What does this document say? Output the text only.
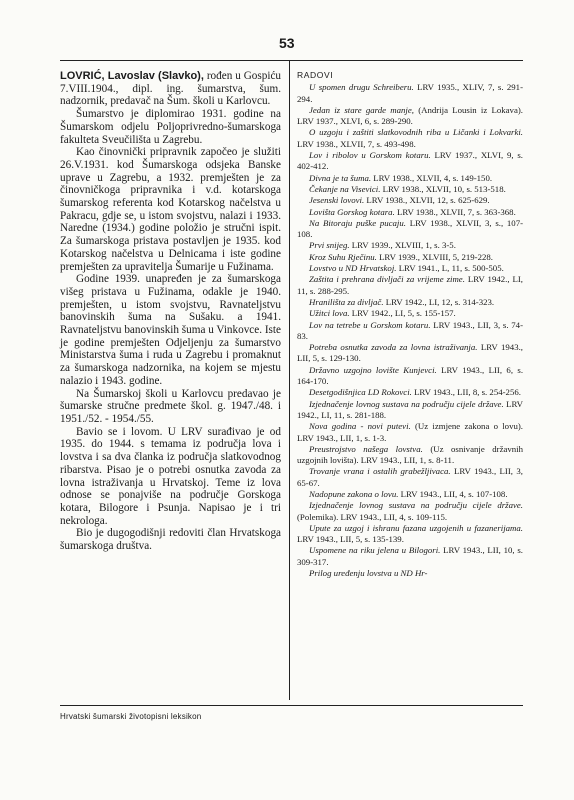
53

LOVRIĆ, Lavoslav (Slavko), rođen u Gospiću 7.VIII.1904., dipl. ing. šumarstva, šum. nadzornik, predavač na Šum. školi u Karlovcu.

Šumarstvo je diplomirao 1931. godine na Šumarskom odjelu Poljoprivredno-šumarskoga fakulteta Sveučilišta u Zagrebu.

Kao činovnički pripravnik započeo je služiti 26.V.1931. kod Šumarskoga odsjeka Banske uprave u Zagrebu, a 1932. premješten je za činovničkoga pripravnika i v.d. kotarskoga šumarskog referenta kod Kotarskog načelstva u Pakracu, gdje se, u istom svojstvu, nalazi i 1933. Naredne (1934.) godine položio je stručni ispit. Za šumarskoga pristava postavljen je 1935. kod Kotarskog načelstva u Delnicama i iste godine premješten za upravitelja Šumarije u Fužinama.

Godine 1939. unapređen je za šumarskoga višeg pristava u Fužinama, odakle je 1940. premješten, u istom svojstvu, Ravnateljstvu banovinskih šuma na Sušaku. a 1941. Ravnateljstvu banovinskih šuma u Vinkovce. Iste je godine premješten Odjeljenju za šumarstvo Ministarstva šuma i ruda u Zagrebu i promaknut za šumarskoga nadzornika, na kojem se mjestu nalazio i 1943. godine.

Na Šumarskoj školi u Karlovcu predavao je šumarske stručne predmete škol. g. 1947./48. i 1951./52. - 1954./55.

Bavio se i lovom. U LRV surađivao je od 1935. do 1944. s temama iz područja lova i lovstva i sa dva članka iz područja slatkovodnog ribarstva. Pisao je o potrebi osnutka zavoda za lovna istraživanja u Hrvatskoj. Teme iz lova odnose se ponajviše na područje Gorskoga kotara, Bilogore i Psunja. Napisao je i tri nekrologa.

Bio je dugogodišnji redoviti član Hrvatskoga šumarskoga društva.

RADOVI

U spomen drugu Schreiberu. LRV 1935., XLIV, 7, s. 291-294.

Jedan iz stare garde manje, (Andrija Lousin iz Lokava). LRV 1937., XLVI, 6, s. 289-290.

O uzgoju i zaštiti slatkovodnih riba u Ličanki i Lokvarki. LRV 1938., XLVII, 7, s. 493-498.

Lov i ribolov u Gorskom kotaru. LRV 1937., XLVI, 9, s. 402-412.

Divna je ta šuma. LRV 1938., XLVII, 4, s. 149-150.

Čekanje na Visevici. LRV 1938., XLVII, 10, s. 513-518.

Jesenski lovovi. LRV 1938., XLVII, 12, s. 625-629.

Lovišta Gorskog kotara. LRV 1938., XLVII, 7, s. 363-368.

Na Bitoraju puške pucaju. LRV 1938., XLVII, 3, s., 107-108.

Prvi snijeg. LRV 1939., XLVIII, 1, s. 3-5.

Kroz Suhu Rječinu. LRV 1939., XLVIII, 5, 219-228.

Lovstvo u ND Hrvatskoj. LRV 1941., L, 11, s. 500-505.

Zaštita i prehrana divljači za vrijeme zime. LRV 1942., LI, 11, s. 288-295.

Hranilišta za divljač. LRV 1942., LI, 12, s. 314-323.

Užitci lova. LRV 1942., LI, 5, s. 155-157.

Lov na tetrebe u Gorskom kotaru. LRV 1943., LII, 3, s. 74-83.

Potreba osnutka zavoda za lovna istraživanja. LRV 1943., LII, 5, s. 129-130.

Državno uzgojno lovište Kunjevci. LRV 1943., LII, 6, s. 164-170.

Desetgodišnjica LD Rokovci. LRV 1943., LII, 8, s. 254-256.

Izjednačenje lovnog sustava na području cijele države. LRV 1942., LI, 11, s. 281-188.

Nova godina - novi putevi. (Uz izmjene zakona o lovu). LRV 1943., LII, 1, s. 1-3.

Preustrojstvo našega lovstva. (Uz osnivanje državnih uzgojnih lovišta). LRV 1943., LII, 1, s. 8-11.

Trovanje vrana i ostalih grabežljivaca. LRV 1943., LII, 3, 65-67.

Nadopune zakona o lovu. LRV 1943., LII, 4, s. 107-108.

Izjednačenje lovnog sustava na području cijele države. (Polemika). LRV 1943., LII, 4, s. 109-115.

Upute za uzgoj i ishranu fazana uzgojenih u fazanerijama. LRV 1943., LII, 5, s. 135-139.

Uspomene na riku jelena u Bilogori. LRV 1943., LII, 10, s. 309-317.

Prilog uređenju lovstva u ND Hr-

Hrvatski šumarski životopisni leksikon
